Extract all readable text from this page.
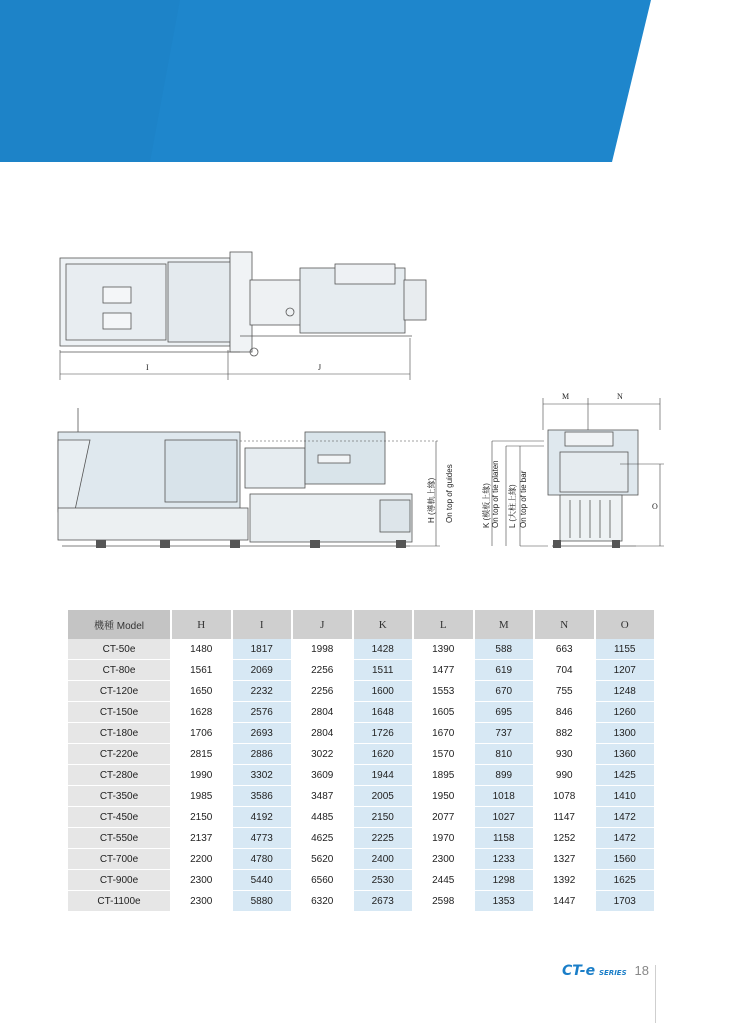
I	J
H (導軌上緣) On top of guides	K (模板上緣) On top of tie platen L (大柱上緣) On top of tie bar
M	N
O
機種 Model	H	I	J	K	L	M	N	O
CT-50e	1480	1817	1998	1428	1390	588	663	1155
CT-80e	1561	2069	2256	1511	1477	619	704	1207
CT-120e	1650	2232	2256	1600	1553	670	755	1248
CT-150e	1628	2576	2804	1648	1605	695	846	1260
CT-180e	1706	2693	2804	1726	1670	737	882	1300
CT-220e	2815	2886	3022	1620	1570	810	930	1360
CT-280e	1990	3302	3609	1944	1895	899	990	1425
CT-350e	1985	3586	3487	2005	1950	1018	1078	1410
CT-450e	2150	4192	4485	2150	2077	1027	1147	1472
CT-550e	2137	4773	4625	2225	1970	1158	1252	1472
CT-700e	2200	4780	5620	2400	2300	1233	1327	1560
CT-900e	2300	5440	6560	2530	2445	1298	1392	1625
CT-1100e	2300	5880	6320	2673	2598	1353	1447	1703
CT-e SERIES 18
